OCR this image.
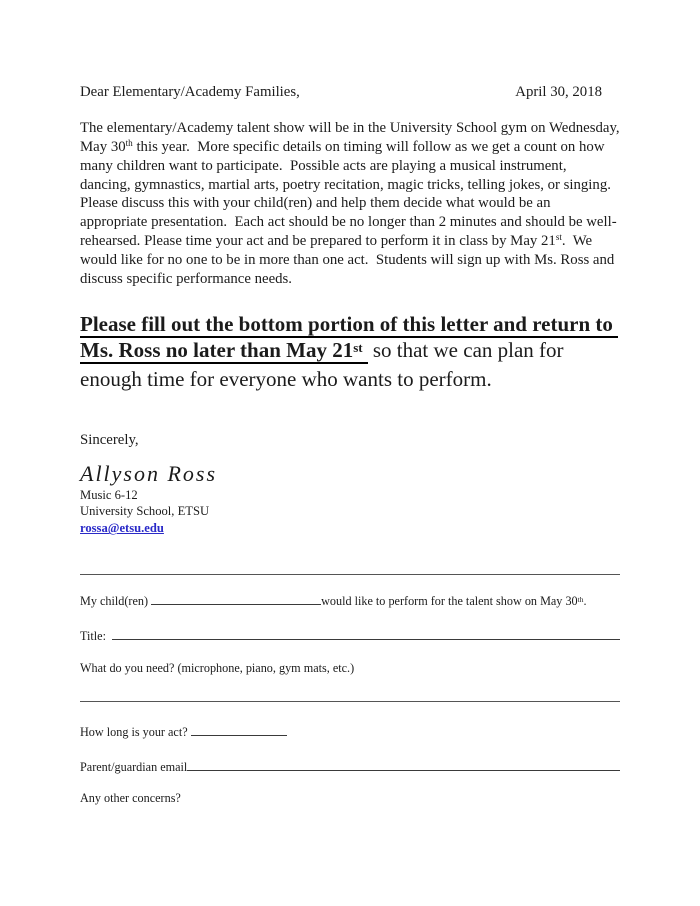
Dear Elementary/Academy Families,	April 30, 2018

The elementary/Academy talent show will be in the University School gym on Wednesday, May 30th this year.  More specific details on timing will follow as we get a count on how many children want to participate.  Possible acts are playing a musical instrument, dancing, gymnastics, martial arts, poetry recitation, magic tricks, telling jokes, or singing.  Please discuss this with your child(ren) and help them decide what would be an appropriate presentation.  Each act should be no longer than 2 minutes and should be well-rehearsed. Please time your act and be prepared to perform it in class by May 21st.  We would like for no one to be in more than one act.  Students will sign up with Ms. Ross and discuss specific performance needs.

Please fill out the bottom portion of this letter and return to Ms. Ross no later than May 21st so that we can plan for enough time for everyone who wants to perform.

Sincerely,
Allyson Ross
Music 6-12
University School, ETSU
rossa@etsu.edu
My child(ren)	would like to perform for the talent show on May 30th.
Title:
What do you need? (microphone, piano, gym mats, etc.)
How long is your act?
Parent/guardian email
Any other concerns?
